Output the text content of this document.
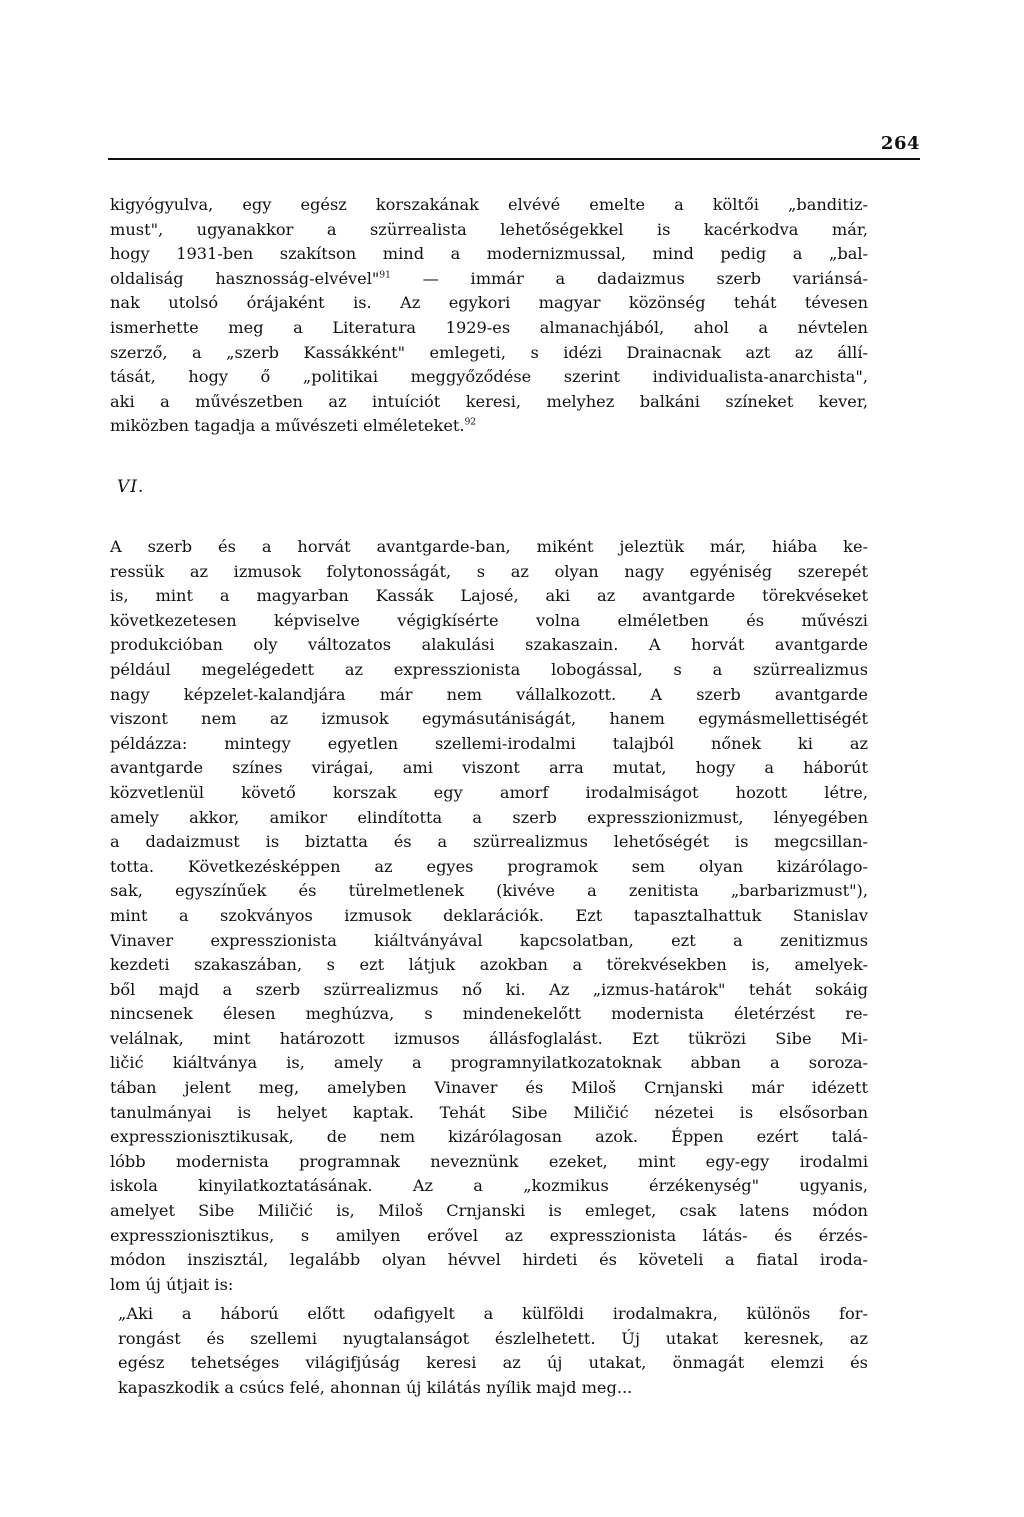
264
kigyógyulva, egy egész korszakának elvévé emelte a költői „banditiz-
must", ugyanakkor a szürrealista lehetőségekkel is kacérkodva már,
hogy 1931-ben szakítson mind a modernizmussal, mind pedig a „bal-
oldaliság hasznosság-elvével"$^{91}$ — immár a dadaizmus szerb variánsá-
nak utolsó órájaként is. Az egykori magyar közönség tehát tévesen
ismerhette meg a Literatura 1929-es almanachjából, ahol a névtelen
szerző, a „szerb Kassákként" emlegeti, s idézi Drainacnak azt az állí-
tását, hogy ő „politikai meggyőződése szerint individualista-anarchista",
aki a művészetben az intuíciót keresi, melyhez balkáni színeket kever,
miközben tagadja a művészeti elméleteket.$^{92}$
VI.
A szerb és a horvát avantgarde-ban, miként jeleztük már, hiába ke-
ressük az izmusok folytonosságát, s az olyan nagy egyéniség szerepét
is, mint a magyarban Kassák Lajosé, aki az avantgarde törekvéseket
következetesen képviselve végigkísérte volna elméletben és művészi
produkcióban oly változatos alakulási szakaszain. A horvát avantgarde
például megelégedett az expresszionista lobogással, s a szürrealizmus
nagy képzelet-kalandjára már nem vállalkozott. A szerb avantgarde
viszont nem az izmusok egymásutániságát, hanem egymásmellettiségét
példázza: mintegy egyetlen szellemi-irodalmi talajból nőnek ki az
avantgarde színes virágai, ami viszont arra mutat, hogy a háborút
közvetlenül követő korszak egy amorf irodalmiságot hozott létre,
amely akkor, amikor elindította a szerb expresszionizmust, lényegében
a dadaizmust is biztatta és a szürrealizmus lehetőségét is megcsillan-
totta. Következésképpen az egyes programok sem olyan kizárólago-
sak, egyszínűek és türelmetlenek (kivéve a zenitista „barbarizmust"),
mint a szokványos izmusok deklarációk. Ezt tapasztalhattuk Stanislav
Vinaver expresszionista kiáltványával kapcsolatban, ezt a zenitizmus
kezdeti szakaszában, s ezt látjuk azokban a törekvésekben is, amelyek-
ből majd a szerb szürrealizmus nő ki. Az „izmus-határok" tehát sokáig
nincsenek élesen meghúzva, s mindenekelőtt modernista életérzést re-
velálnak, mint határozott izmusos állásfoglalást. Ezt tükrözi Sibe Mi-
ličić kiáltványa is, amely a programnyilatkozatoknak abban a soroza-
tában jelent meg, amelyben Vinaver és Miloš Crnjanski már idézett
tanulmányai is helyet kaptak. Tehát Sibe Miličić nézetei is elsősorban
expresszionisztikusak, de nem kizárólagosan azok. Éppen ezért talá-
lóbb modernista programnak neveznünk ezeket, mint egy-egy irodalmi
iskola kinyilatkoztatásának. Az a „kozmikus érzékenység" ugyanis,
amelyet Sibe Miličić is, Miloš Crnjanski is emleget, csak latens módon
expresszionisztikus, s amilyen erővel az expresszionista látás- és érzés-
módon inszisztál, legalább olyan hévvel hirdeti és követeli a fiatal iroda-
lom új útjait is:
„Aki a háború előtt odafigyelt a külföldi irodalmakra, különös for-
rongást és szellemi nyugtalanságot észlelhetett. Új utakat keresnek, az
egész tehetséges világifjúság keresi az új utakat, önmagát elemzi és
kapaszkodik a csúcs felé, ahonnan új kilátás nyílik majd meg...
